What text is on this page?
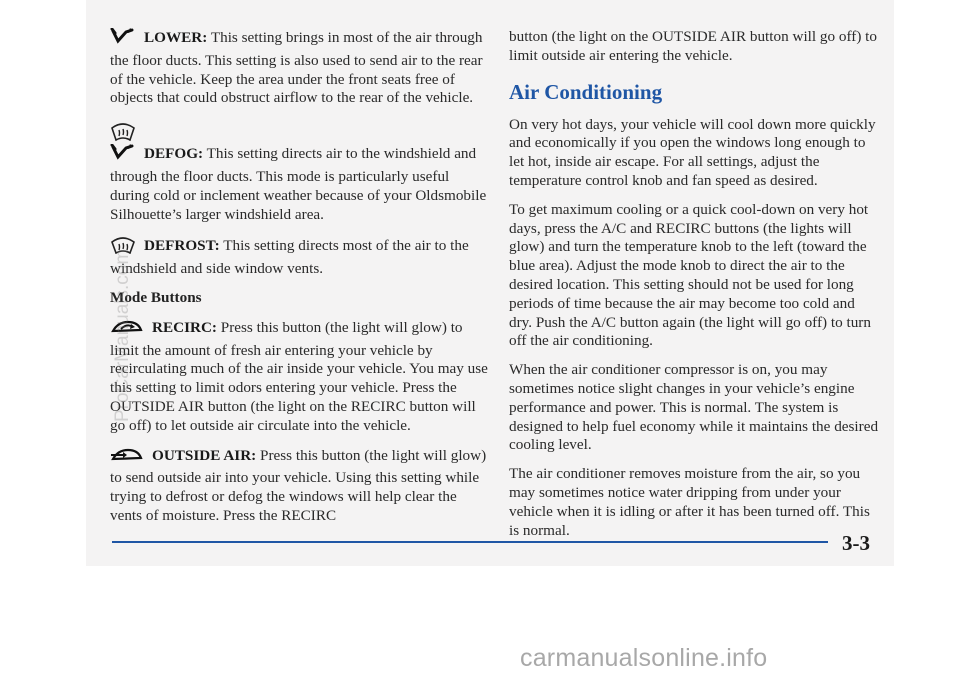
LOWER: This setting brings in most of the air through the floor ducts. This setting is also used to send air to the rear of the vehicle. Keep the area under the front seats free of objects that could obstruct airflow to the rear of the vehicle.

DEFOG: This setting directs air to the windshield and through the floor ducts. This mode is particularly useful during cold or inclement weather because of your Oldsmobile Silhouette’s larger windshield area.

DEFROST: This setting directs most of the air to the windshield and side window vents.

Mode Buttons

RECIRC: Press this button (the light will glow) to limit the amount of fresh air entering your vehicle by recirculating much of the air inside your vehicle. You may use this setting to limit odors entering your vehicle. Press the OUTSIDE AIR button (the light on the RECIRC button will go off) to let outside air circulate into the vehicle.

OUTSIDE AIR: Press this button (the light will glow) to send outside air into your vehicle. Using this setting while trying to defrost or defog the windows will help clear the vents of moisture. Press the RECIRC

button (the light on the OUTSIDE AIR button will go off) to limit outside air entering the vehicle.

Air Conditioning

On very hot days, your vehicle will cool down more quickly and economically if you open the windows long enough to let hot, inside air escape. For all settings, adjust the temperature control knob and fan speed as desired.

To get maximum cooling or a quick cool-down on very hot days, press the A/C and RECIRC buttons (the lights will glow) and turn the temperature knob to the left (toward the blue area). Adjust the mode knob to direct the air to the desired location. This setting should not be used for long periods of time because the air may become too cold and dry. Push the A/C button again (the light will go off) to turn off the air conditioning.

When the air conditioner compressor is on, you may sometimes notice slight changes in your vehicle’s engine performance and power. This is normal. The system is designed to help fuel economy while it maintains the desired cooling level.

The air conditioner removes moisture from the air, so you may sometimes notice water dripping from under your vehicle when it is idling or after it has been turned off. This is normal.

3-3
ProCarManuals.com
carmanualsonline.info
